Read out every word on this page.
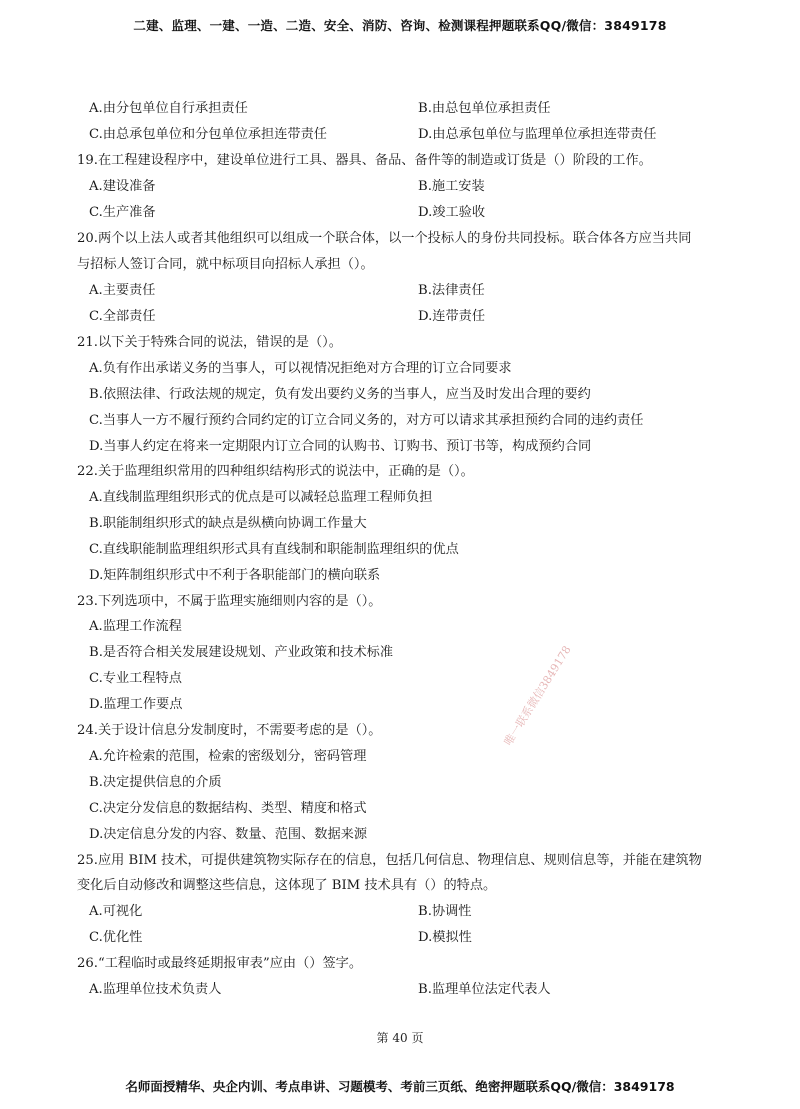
二建、监理、一建、一造、二造、安全、消防、咨询、检测课程押题联系QQ/微信：3849178
唯一联系微信3849178
A.由分包单位自行承担责任	B.由总包单位承担责任
C.由总承包单位和分包单位承担连带责任	D.由总承包单位与监理单位承担连带责任
19.在工程建设程序中，建设单位进行工具、器具、备品、备件等的制造或订货是（）阶段的工作。
A.建设准备	B.施工安装
C.生产准备	D.竣工验收
20.两个以上法人或者其他组织可以组成一个联合体，以一个投标人的身份共同投标。联合体各方应当共同
与招标人签订合同，就中标项目向招标人承担（）。
A.主要责任	B.法律责任
C.全部责任	D.连带责任
21.以下关于特殊合同的说法，错误的是（）。
A.负有作出承诺义务的当事人，可以视情况拒绝对方合理的订立合同要求
B.依照法律、行政法规的规定，负有发出要约义务的当事人，应当及时发出合理的要约
C.当事人一方不履行预约合同约定的订立合同义务的，对方可以请求其承担预约合同的违约责任
D.当事人约定在将来一定期限内订立合同的认购书、订购书、预订书等，构成预约合同
22.关于监理组织常用的四种组织结构形式的说法中，正确的是（）。
A.直线制监理组织形式的优点是可以减轻总监理工程师负担
B.职能制组织形式的缺点是纵横向协调工作量大
C.直线职能制监理组织形式具有直线制和职能制监理组织的优点
D.矩阵制组织形式中不利于各职能部门的横向联系
23.下列选项中，不属于监理实施细则内容的是（）。
A.监理工作流程
B.是否符合相关发展建设规划、产业政策和技术标准
C.专业工程特点
D.监理工作要点
24.关于设计信息分发制度时，不需要考虑的是（）。
A.允许检索的范围，检索的密级划分，密码管理
B.决定提供信息的介质
C.决定分发信息的数据结构、类型、精度和格式
D.决定信息分发的内容、数量、范围、数据来源
25.应用 BIM 技术，可提供建筑物实际存在的信息，包括几何信息、物理信息、规则信息等，并能在建筑物
变化后自动修改和调整这些信息，这体现了 BIM 技术具有（）的特点。
A.可视化	B.协调性
C.优化性	D.模拟性
26.“工程临时或最终延期报审表”应由（）签字。
A.监理单位技术负责人	B.监理单位法定代表人
第 40 页
名师面授精华、央企内训、考点串讲、习题模考、考前三页纸、绝密押题联系QQ/微信：3849178
